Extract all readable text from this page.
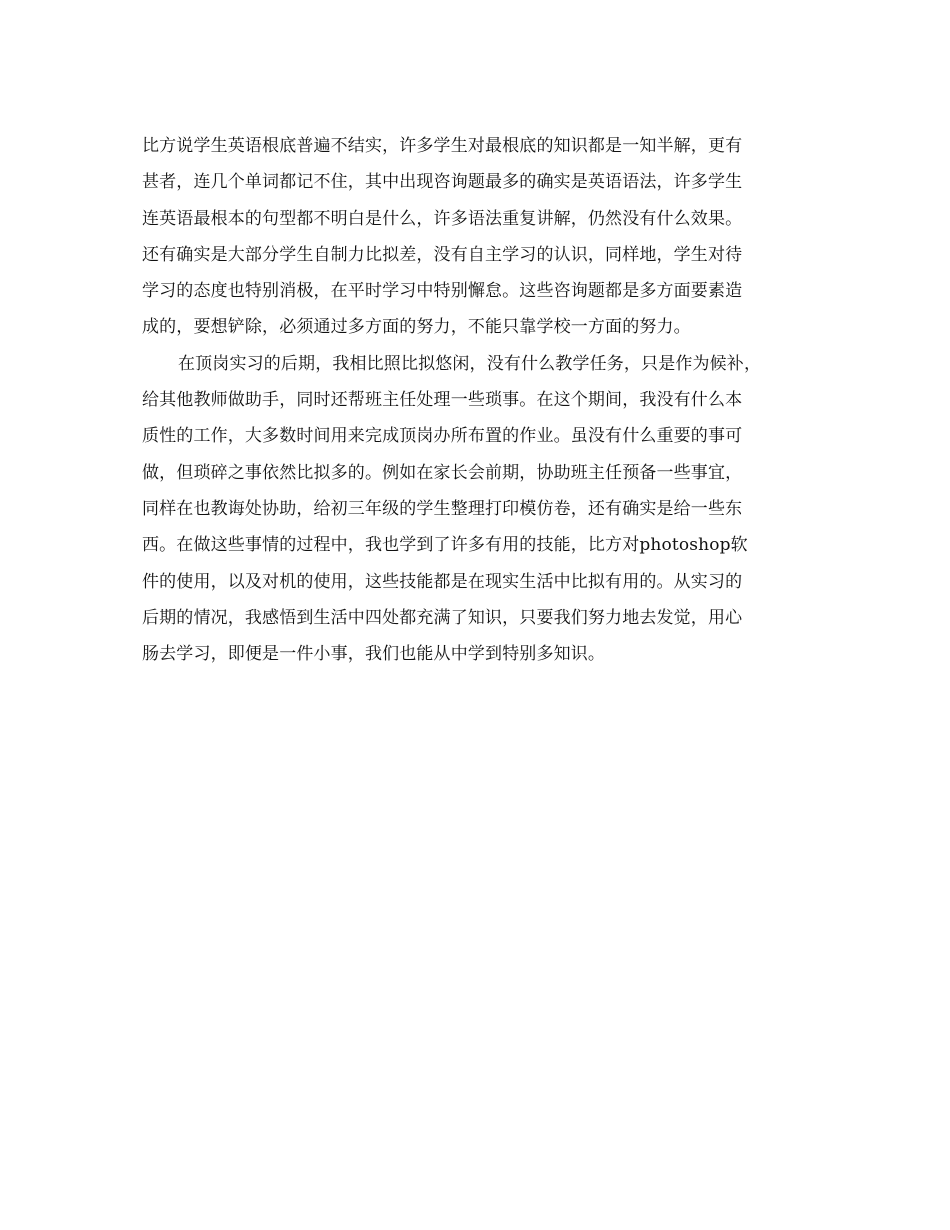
比方说学生英语根底普遍不结实，许多学生对最根底的知识都是一知半解，更有
甚者，连几个单词都记不住，其中出现咨询题最多的确实是英语语法，许多学生
连英语最根本的句型都不明白是什么，许多语法重复讲解，仍然没有什么效果。
还有确实是大部分学生自制力比拟差，没有自主学习的认识，同样地，学生对待
学习的态度也特别消极，在平时学习中特别懈怠。这些咨询题都是多方面要素造
成的，要想铲除，必须通过多方面的努力，不能只靠学校一方面的努力。
在顶岗实习的后期，我相比照比拟悠闲，没有什么教学任务，只是作为候补，
给其他教师做助手，同时还帮班主任处理一些琐事。在这个期间，我没有什么本
质性的工作，大多数时间用来完成顶岗办所布置的作业。虽没有什么重要的事可
做，但琐碎之事依然比拟多的。例如在家长会前期，协助班主任预备一些事宜，
同样在也教诲处协助，给初三年级的学生整理打印模仿卷，还有确实是给一些东
西。在做这些事情的过程中，我也学到了许多有用的技能，比方对photoshop软
件的使用，以及对机的使用，这些技能都是在现实生活中比拟有用的。从实习的
后期的情况，我感悟到生活中四处都充满了知识，只要我们努力地去发觉，用心
肠去学习，即便是一件小事，我们也能从中学到特别多知识。
